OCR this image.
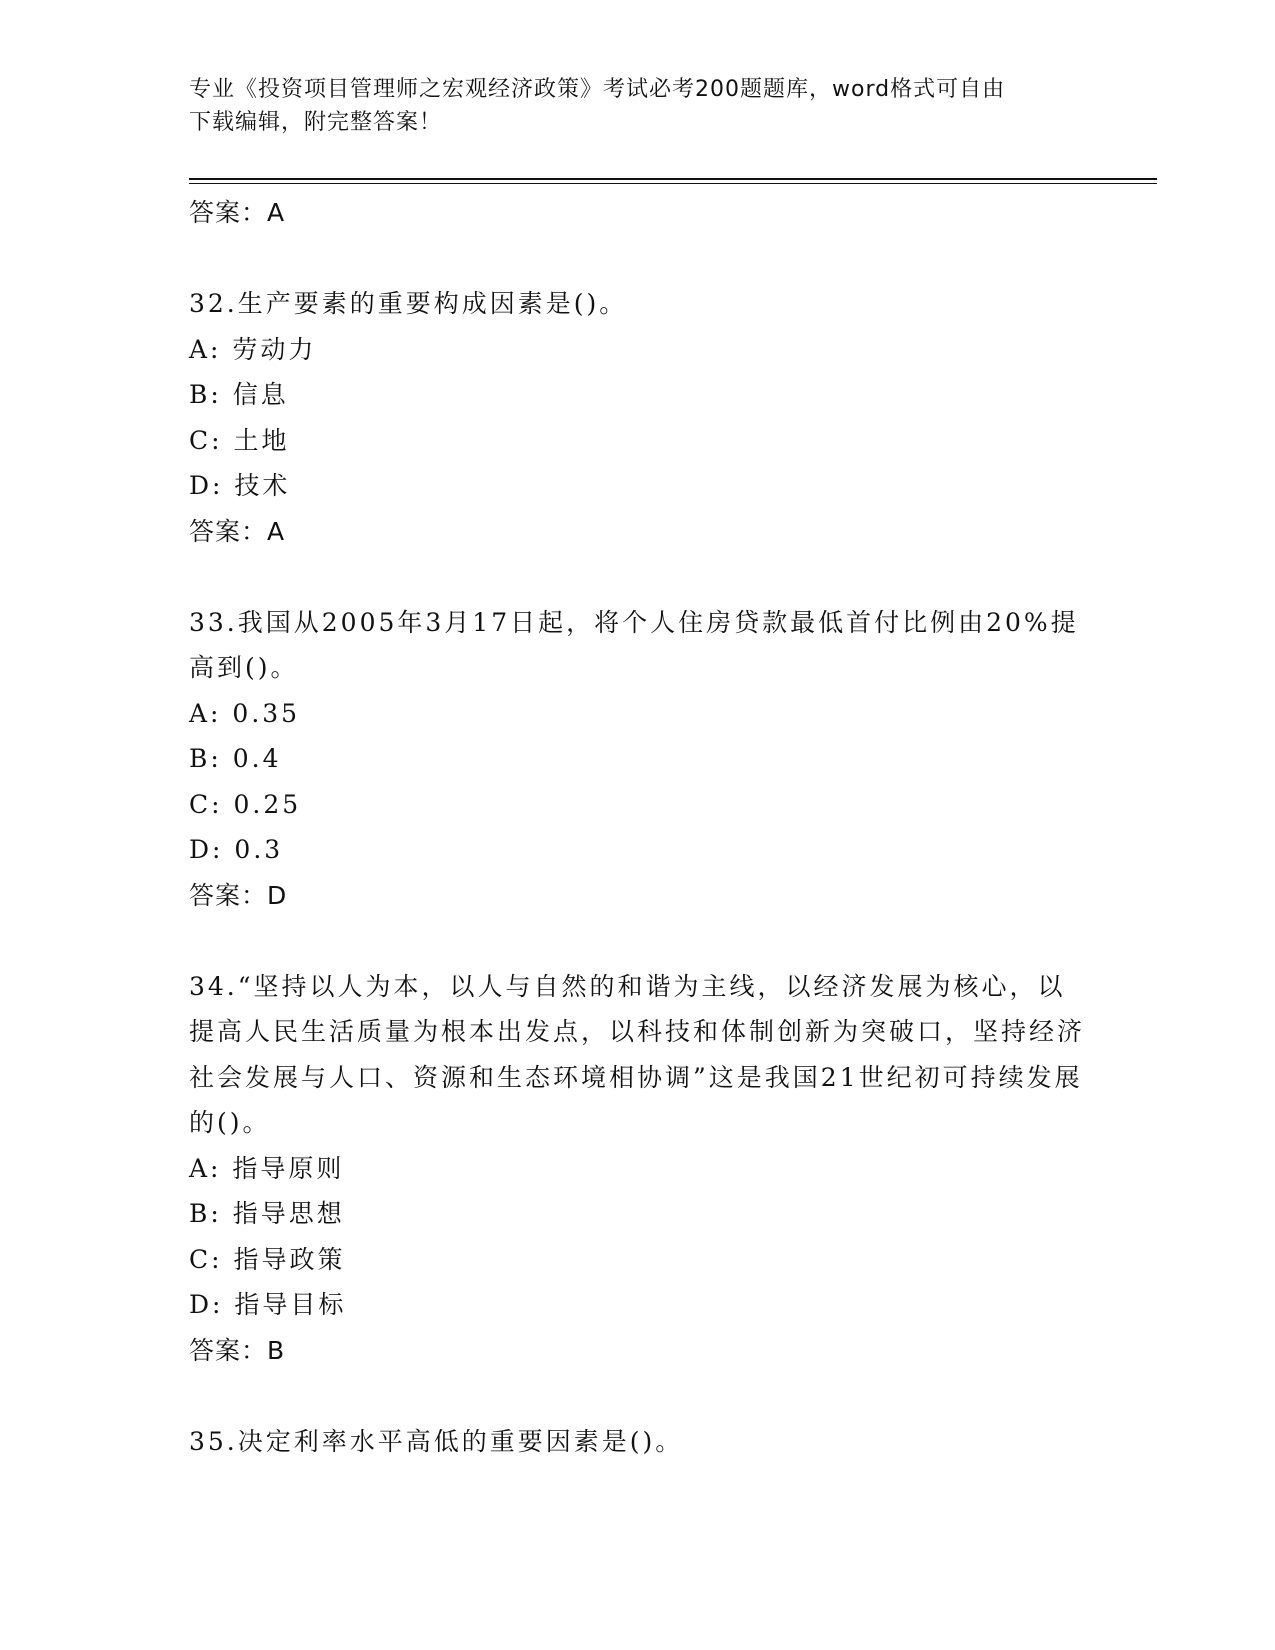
专业《投资项目管理师之宏观经济政策》考试必考200题题库，word格式可自由
下载编辑，附完整答案！
答案：A
32.生产要素的重要构成因素是()。
A: 劳动力
B: 信息
C: 土地
D: 技术
答案：A
33.我国从2005年3月17日起，将个人住房贷款最低首付比例由20%提高到()。
A: 0.35
B: 0.4
C: 0.25
D: 0.3
答案：D
34.“坚持以人为本，以人与自然的和谐为主线，以经济发展为核心，以提高人民生活质量为根本出发点，以科技和体制创新为突破口，坚持经济社会发展与人口、资源和生态环境相协调”这是我国21世纪初可持续发展的()。
A: 指导原则
B: 指导思想
C: 指导政策
D: 指导目标
答案：B
35.决定利率水平高低的重要因素是()。
